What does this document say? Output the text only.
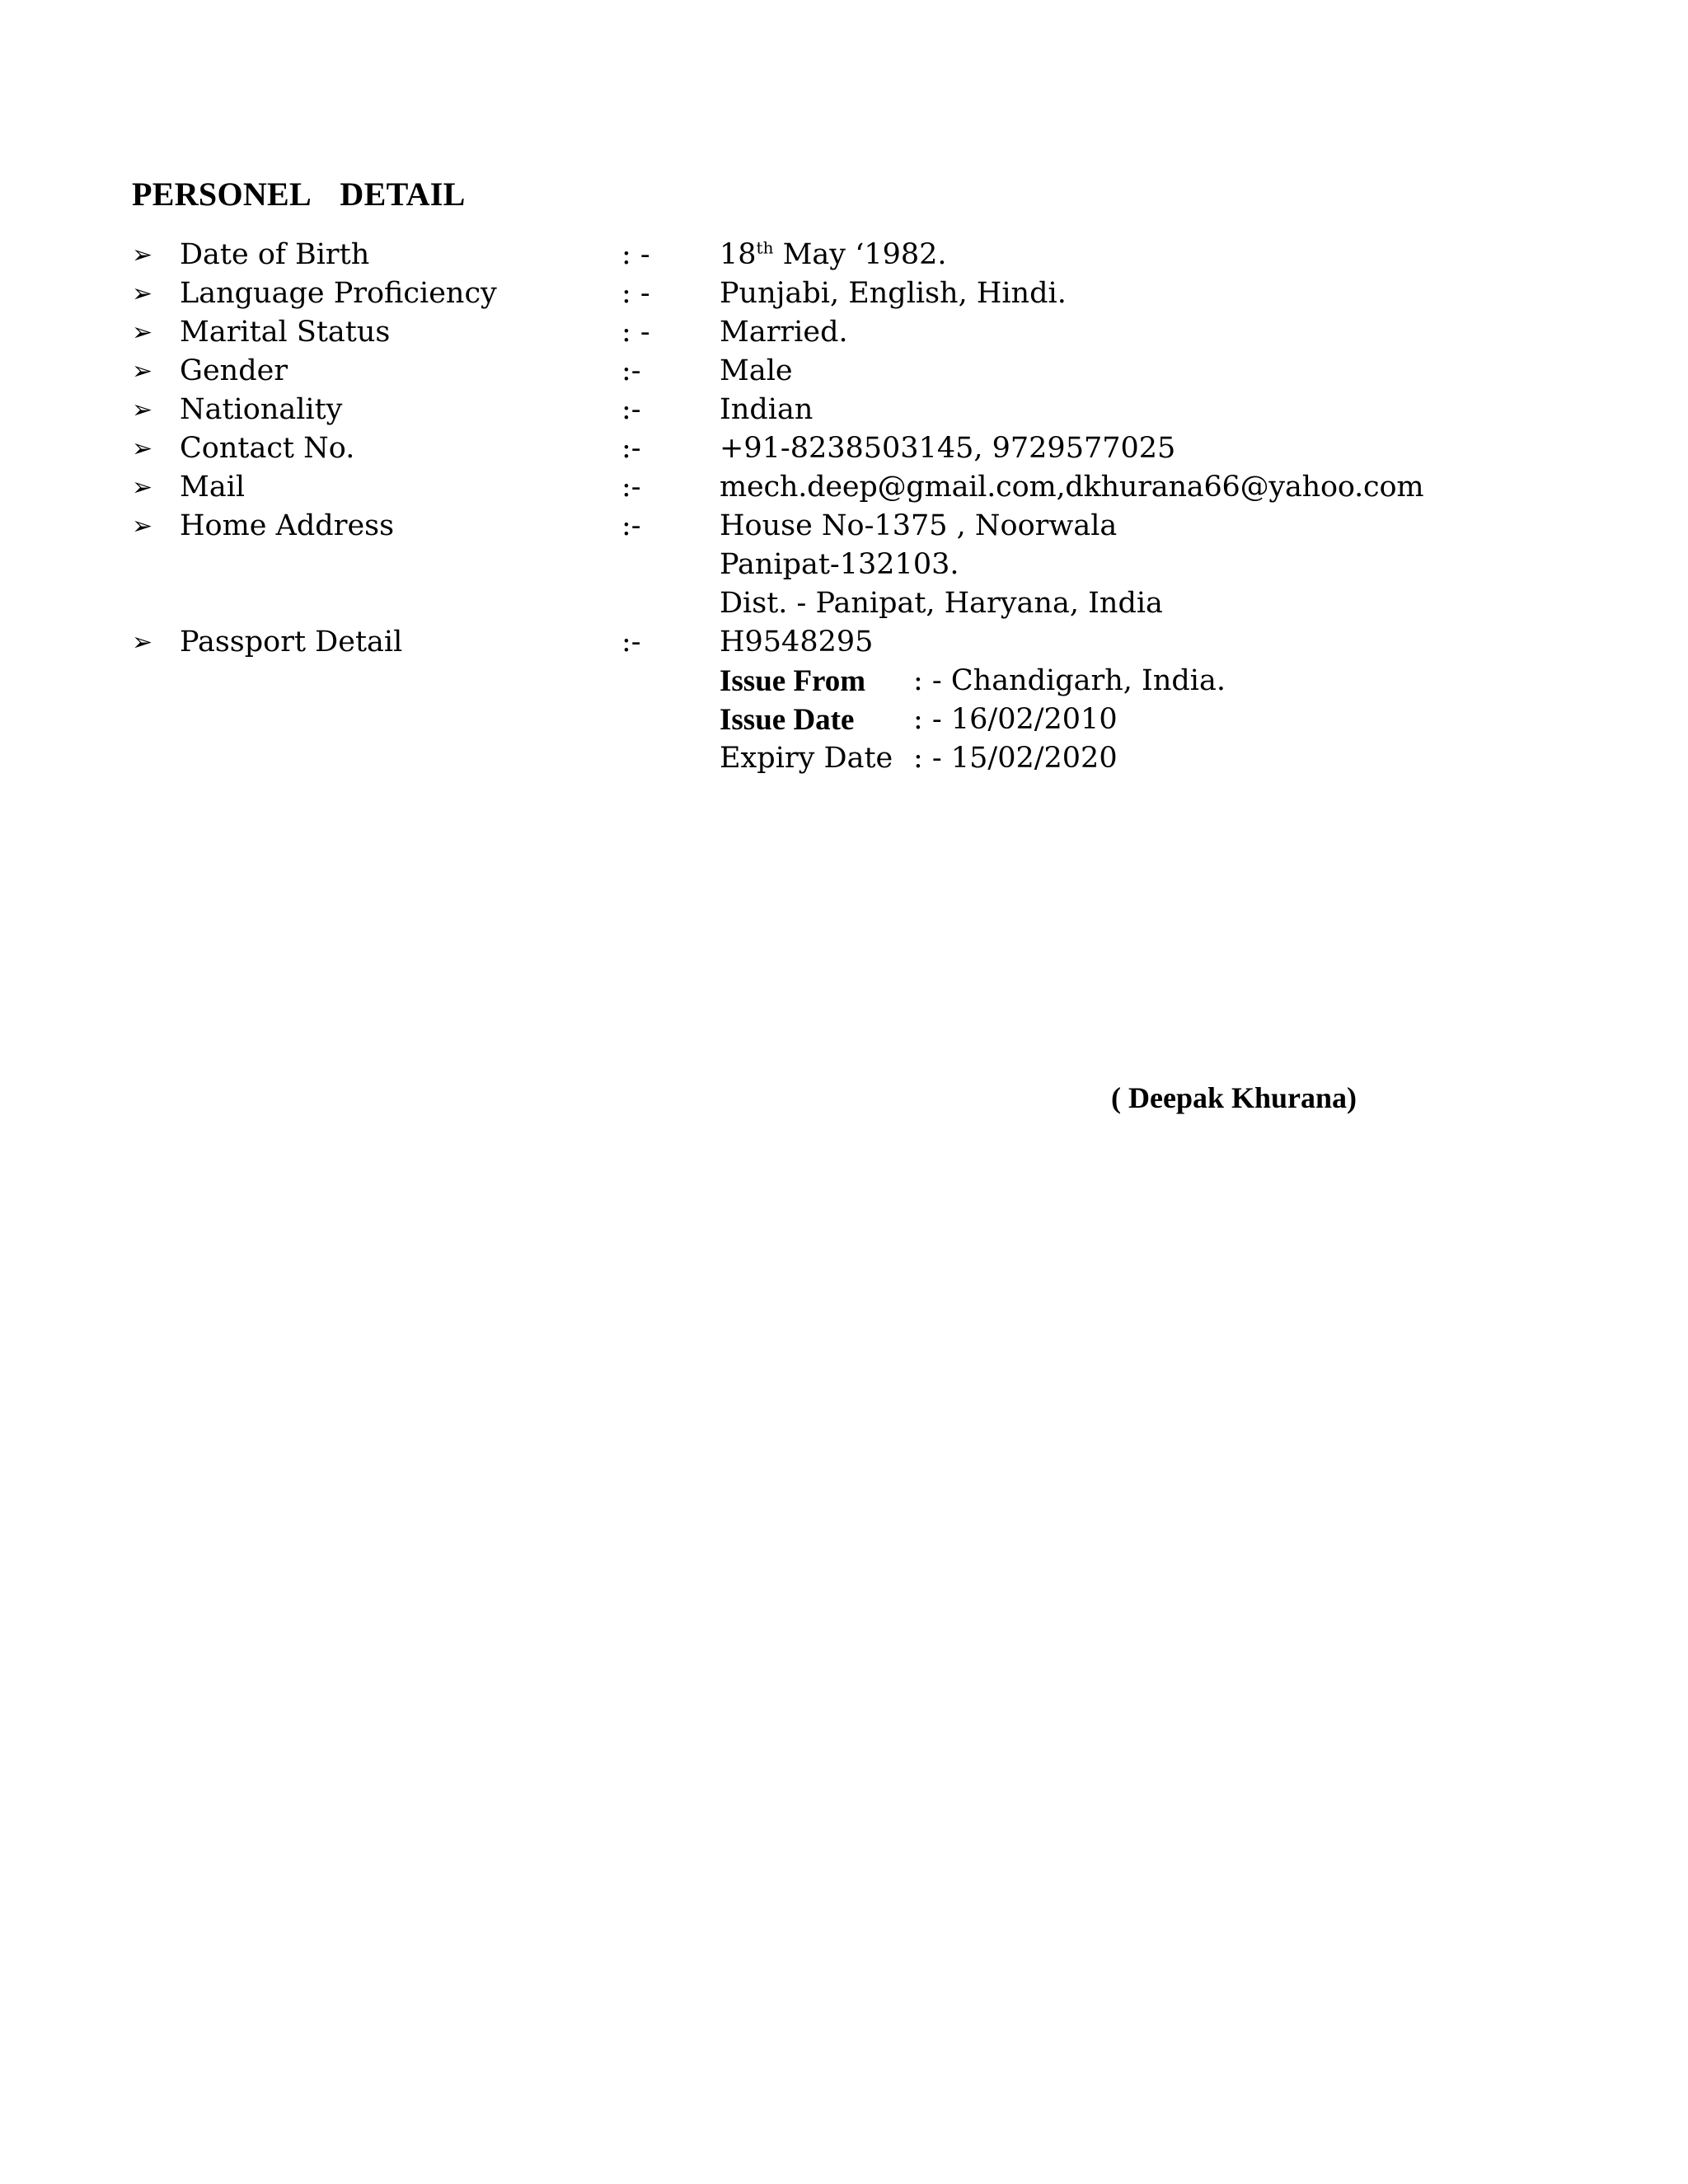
PERSONEL  DETAIL
➢ Date of Birth	: - 18th May ‘1982.
➢ Language Proficiency	: - Punjabi, English, Hindi.
➢ Marital Status	: - Married.
➢ Gender	:-	Male
➢ Nationality	:-	Indian
➢ Contact No.	:-	+91-8238503145, 9729577025
➢ Mail	:-	mech.deep@gmail.com,dkhurana66@yahoo.com
➢ Home Address	:-	House No-1375 , Noorwala
Panipat-132103.
Dist. - Panipat, Haryana, India
➢ Passport Detail	:-	H9548295
Issue From : - Chandigarh, India.
Issue Date : - 16/02/2010
Expiry Date : - 15/02/2020
( Deepak Khurana)
